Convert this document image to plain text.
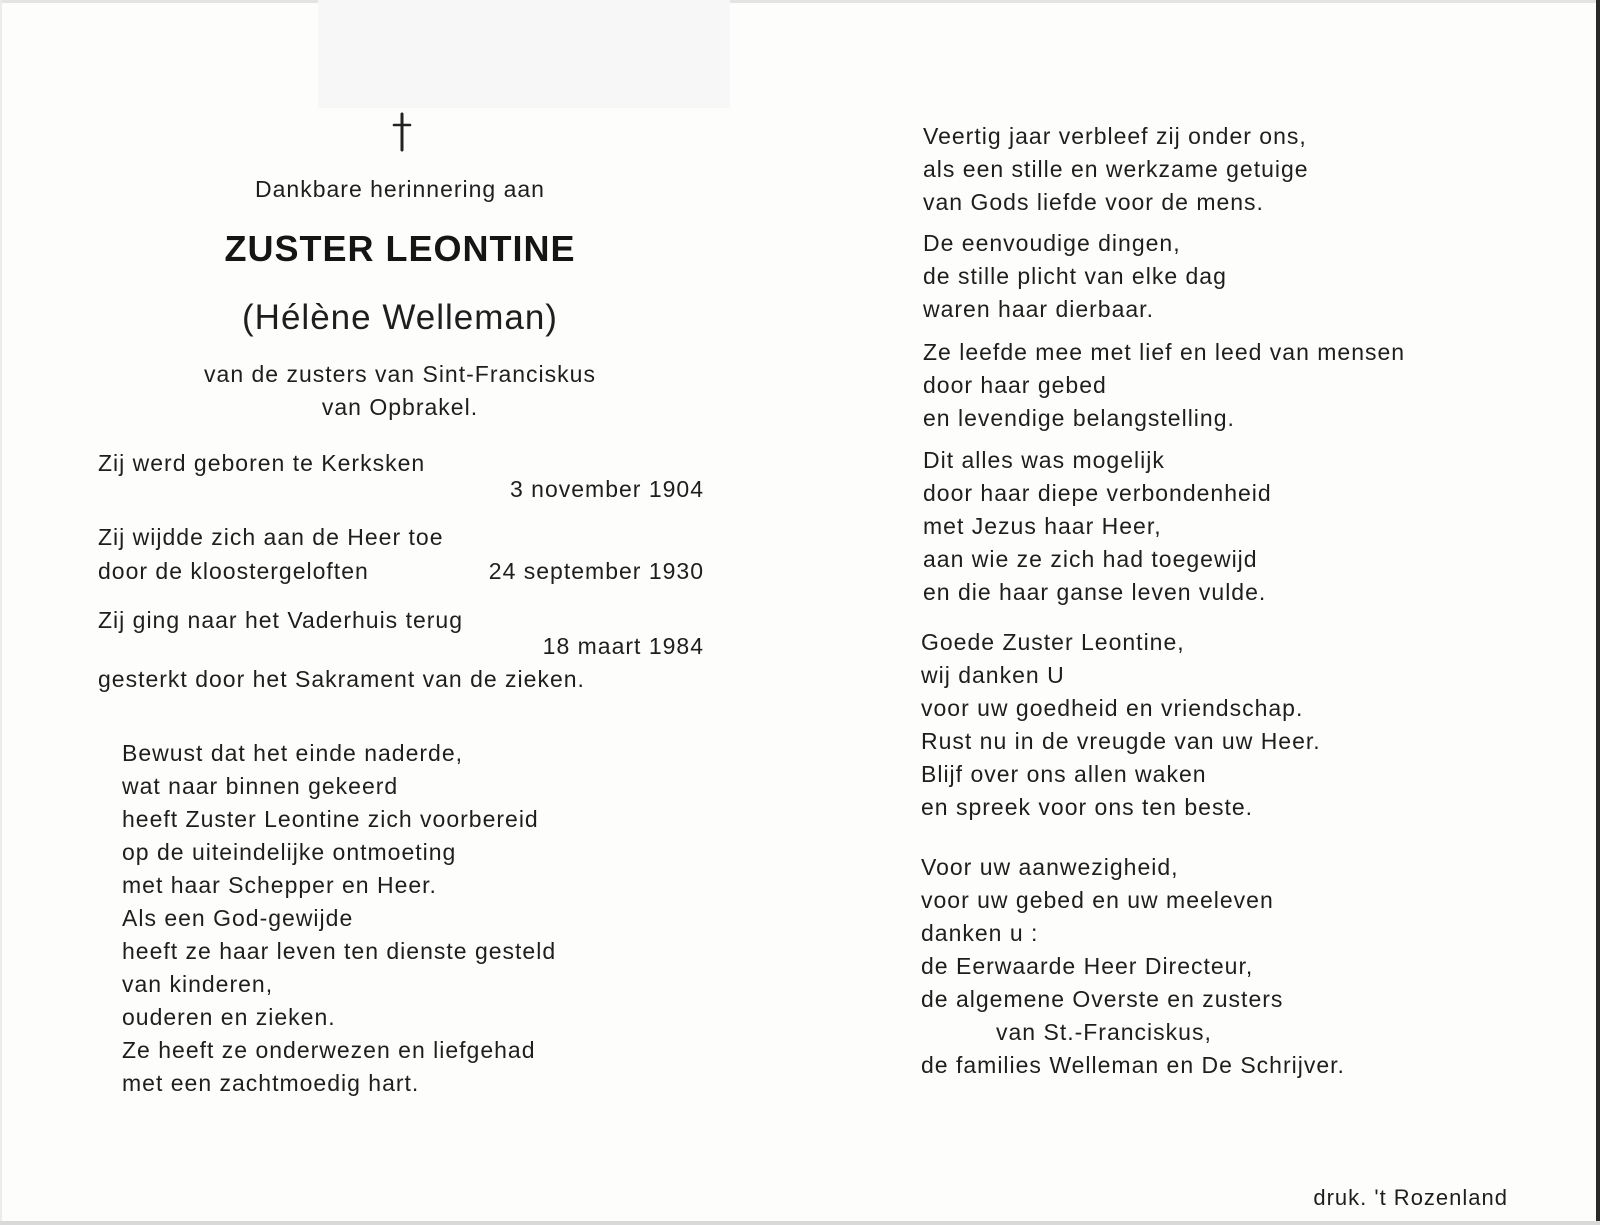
Dankbare herinnering aan
ZUSTER LEONTINE
(Hélène Welleman)
van de zusters van Sint-Franciskus
van Opbrakel.
Zij werd geboren te Kerksken
3 november 1904
Zij wijdde zich aan de Heer toe
door de kloostergeloften	24 september 1930
Zij ging naar het Vaderhuis terug
18 maart 1984
gesterkt door het Sakrament van de zieken.
Bewust dat het einde naderde,
wat naar binnen gekeerd
heeft Zuster Leontine zich voorbereid
op de uiteindelijke ontmoeting
met haar Schepper en Heer.
Als een God-gewijde
heeft ze haar leven ten dienste gesteld
van kinderen,
ouderen en zieken.
Ze heeft ze onderwezen en liefgehad
met een zachtmoedig hart.
Veertig jaar verbleef zij onder ons,
als een stille en werkzame getuige
van Gods liefde voor de mens.
De eenvoudige dingen,
de stille plicht van elke dag
waren haar dierbaar.
Ze leefde mee met lief en leed van mensen
door haar gebed
en levendige belangstelling.
Dit alles was mogelijk
door haar diepe verbondenheid
met Jezus haar Heer,
aan wie ze zich had toegewijd
en die haar ganse leven vulde.
Goede Zuster Leontine,
wij danken U
voor uw goedheid en vriendschap.
Rust nu in de vreugde van uw Heer.
Blijf over ons allen waken
en spreek voor ons ten beste.
Voor uw aanwezigheid,
voor uw gebed en uw meeleven
danken u :
de Eerwaarde Heer Directeur,
de algemene Overste en zusters
van St.-Franciskus,
de families Welleman en De Schrijver.
druk. 't Rozenland
